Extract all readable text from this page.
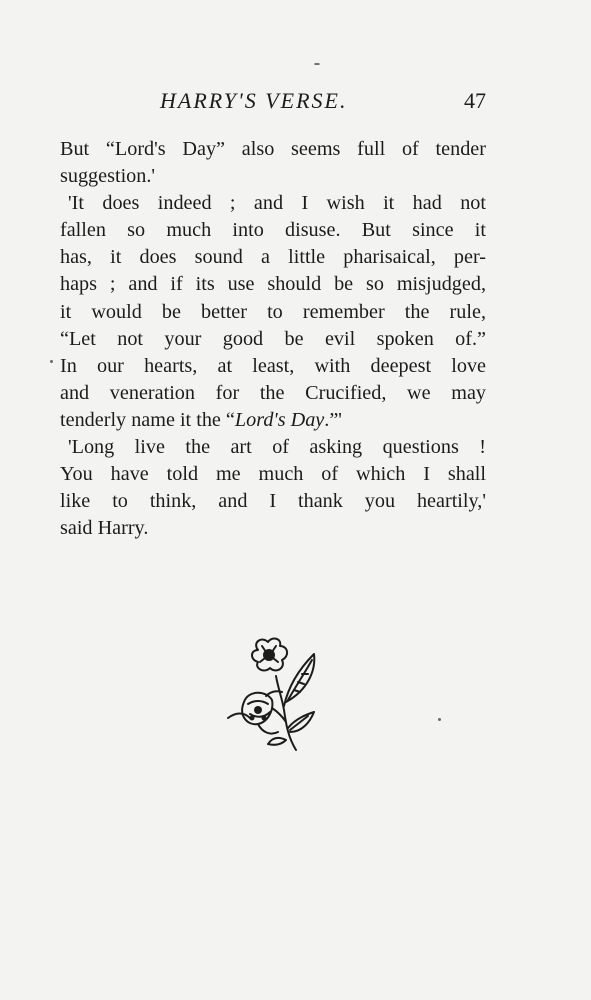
HARRY'S VERSE.	47
But “Lord's Day” also seems full of tender
suggestion.'
'It does indeed ; and I wish it had not
fallen so much into disuse. But since it
has, it does sound a little pharisaical, per-
haps ; and if its use should be so misjudged,
it would be better to remember the rule,
“Let not your good be evil spoken of.”
In our hearts, at least, with deepest love
and veneration for the Crucified, we may
tenderly name it the “Lord's Day.”'
'Long live the art of asking questions !
You have told me much of which I shall
like to think, and I thank you heartily,'
said Harry.
